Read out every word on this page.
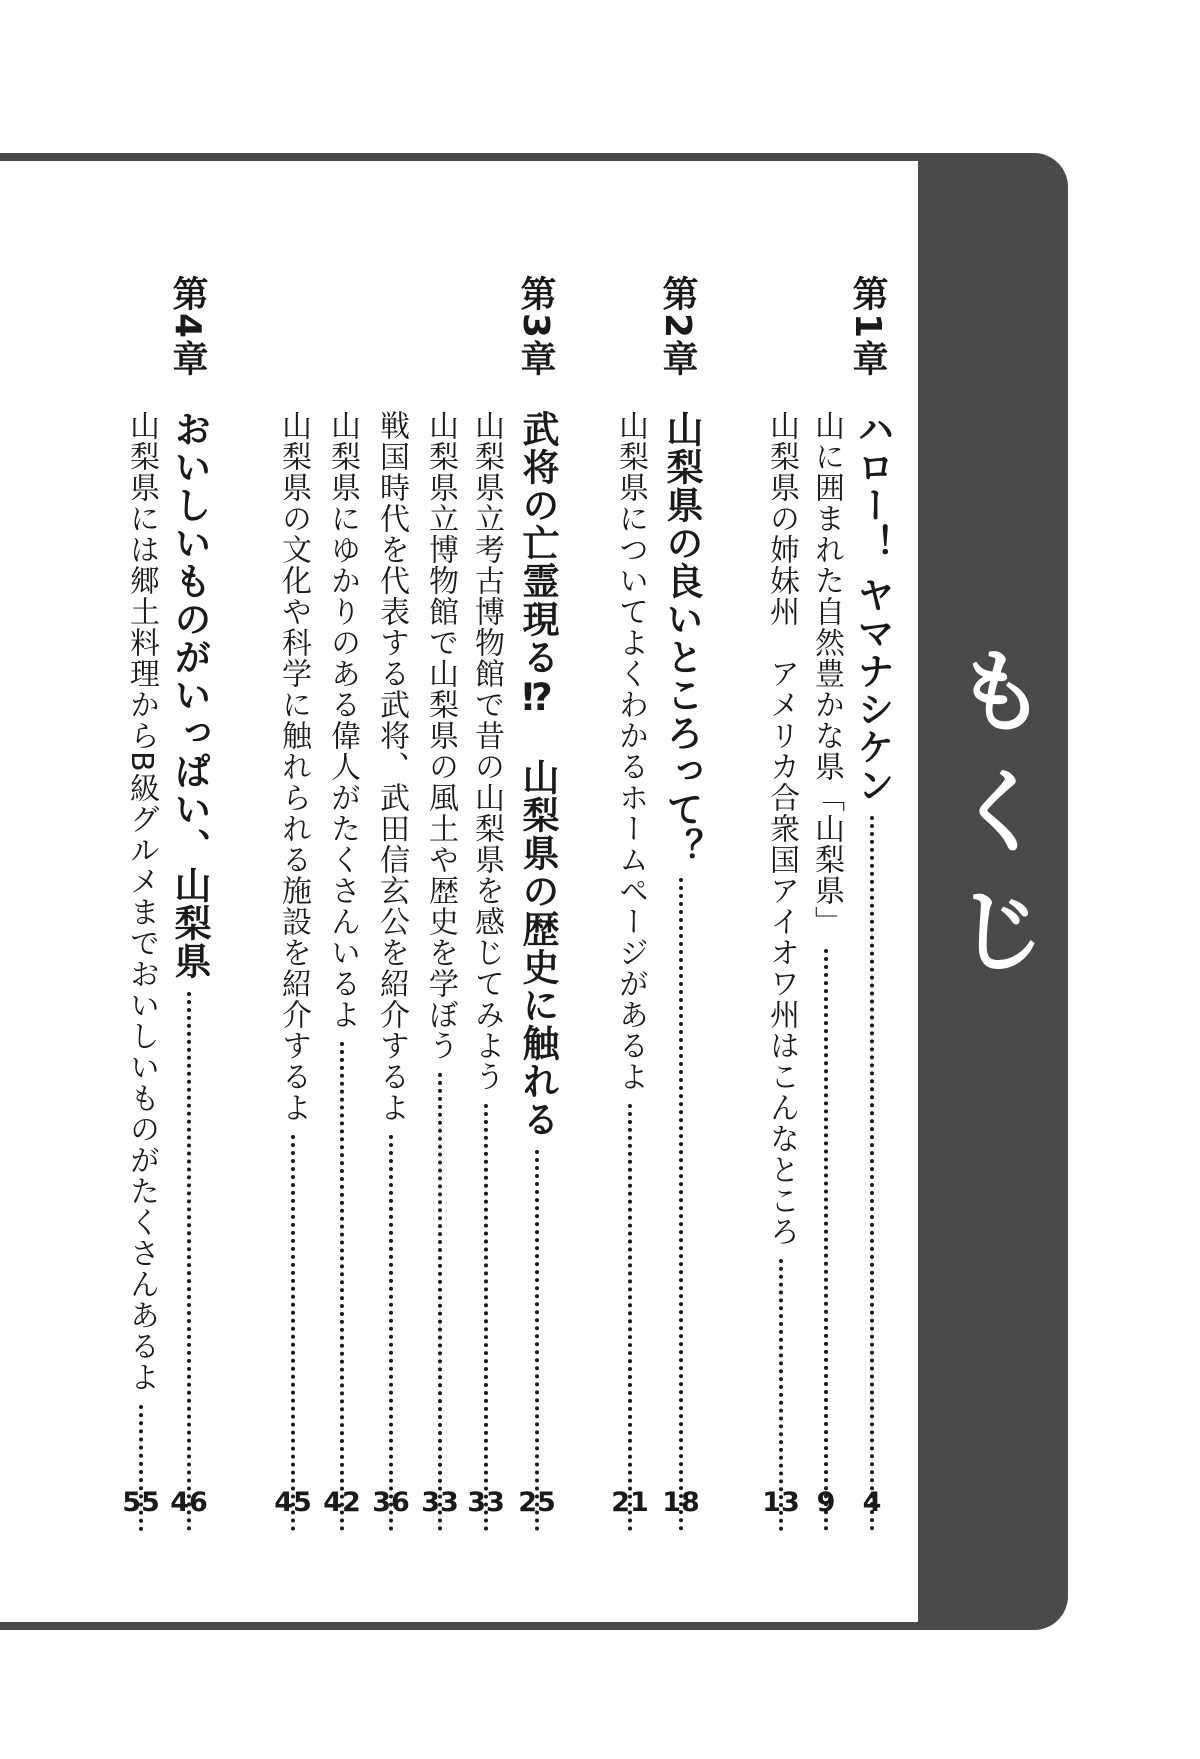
もくじ
第1章
ハロー！ ヤマナシケン
4
山に囲まれた自然豊かな県「山梨県」
9
山梨県の姉妹州　アメリカ合衆国アイオワ州はこんなところ
13
第2章
山梨県の良いところって？
18
山梨県についてよくわかるホームページがあるよ
21
第3章
武将の亡霊現る⁉　山梨県の歴史に触れる
25
山梨県立考古博物館で昔の山梨県を感じてみよう
33
山梨県立博物館で山梨県の風土や歴史を学ぼう
33
戦国時代を代表する武将、武田信玄公を紹介するよ
36
山梨県にゆかりのある偉人がたくさんいるよ
42
山梨県の文化や科学に触れられる施設を紹介するよ
45
第4章
おいしいものがいっぱい、山梨県
46
山梨県には郷土料理からB級グルメまでおいしいものがたくさんあるよ
55
